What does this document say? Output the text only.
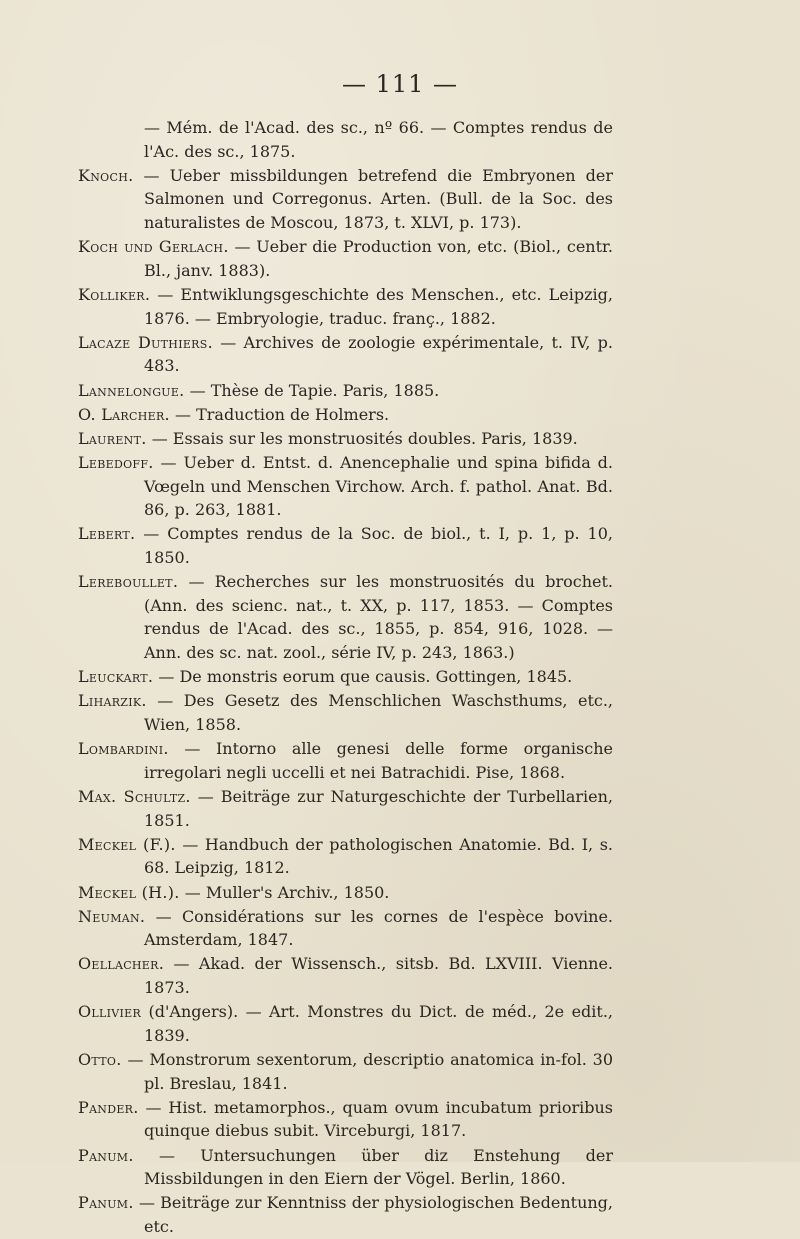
— 111 —

— Mém. de l'Acad. des sc., nº 66. — Comptes rendus de l'Ac. des sc., 1875.

Knoch. — Ueber missbildungen betrefend die Embryonen der Salmonen und Corregonus. Arten. (Bull. de la Soc. des naturalistes de Moscou, 1873, t. XLVI, p. 173).

Koch und Gerlach. — Ueber die Production von, etc. (Biol., centr. Bl., janv. 1883).

Kolliker. — Entwiklungsgeschichte des Menschen., etc. Leipzig, 1876. — Embryologie, traduc. franç., 1882.

Lacaze Duthiers. — Archives de zoologie expérimentale, t. IV, p. 483.

Lannelongue. — Thèse de Tapie. Paris, 1885.

O. Larcher. — Traduction de Holmers.

Laurent. — Essais sur les monstruosités doubles. Paris, 1839.

Lebedoff. — Ueber d. Entst. d. Anencephalie und spina bifida d. Vœgeln und Menschen Virchow. Arch. f. pathol. Anat. Bd. 86, p. 263, 1881.

Lebert. — Comptes rendus de la Soc. de biol., t. I, p. 1, p. 10, 1850.

Lereboullet. — Recherches sur les monstruosités du brochet. (Ann. des scienc. nat., t. XX, p. 117, 1853. — Comptes rendus de l'Acad. des sc., 1855, p. 854, 916, 1028. — Ann. des sc. nat. zool., série IV, p. 243, 1863.)

Leuckart. — De monstris eorum que causis. Gottingen, 1845.

Liharzik. — Des Gesetz des Menschlichen Waschsthums, etc., Wien, 1858.

Lombardini. — Intorno alle genesi delle forme organische irregolari negli uccelli et nei Batrachidi. Pise, 1868.

Max. Schultz. — Beiträge zur Naturgeschichte der Turbellarien, 1851.

Meckel (F.). — Handbuch der pathologischen Anatomie. Bd. I, s. 68. Leipzig, 1812.

Meckel (H.). — Muller's Archiv., 1850.

Neuman. — Considérations sur les cornes de l'espèce bovine. Amsterdam, 1847.

Oellacher. — Akad. der Wissensch., sitsb. Bd. LXVIII. Vienne. 1873.

Ollivier (d'Angers). — Art. Monstres du Dict. de méd., 2e edit., 1839.

Otto. — Monstrorum sexentorum, descriptio anatomica in-fol. 30 pl. Breslau, 1841.

Pander. — Hist. metamorphos., quam ovum incubatum prioribus quinque diebus subit. Virceburgi, 1817.

Panum. — Untersuchungen über diz Enstehung der Missbildungen in den Eiern der Vögel. Berlin, 1860.

Panum. — Beiträge zur Kenntniss der physiologischen Bedentung, etc.
